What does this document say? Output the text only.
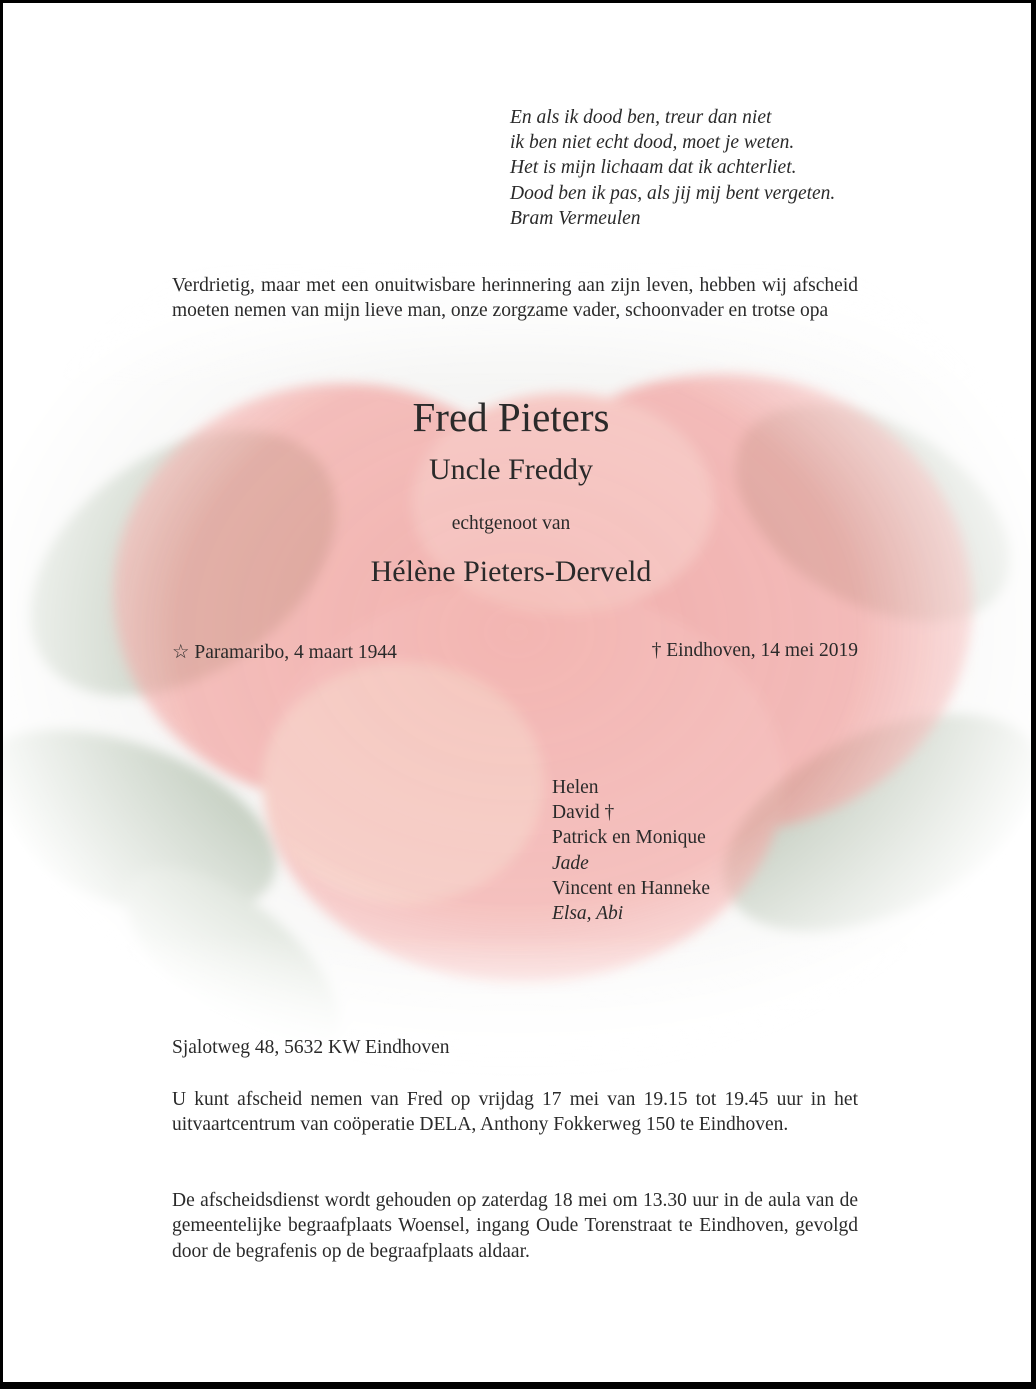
En als ik dood ben, treur dan niet
ik ben niet echt dood, moet je weten.
Het is mijn lichaam dat ik achterliet.
Dood ben ik pas, als jij mij bent vergeten.
Bram Vermeulen
Verdrietig, maar met een onuitwisbare herinnering aan zijn leven, hebben wij afscheid moeten nemen van mijn lieve man, onze zorgzame vader, schoonvader en trotse opa
Fred Pieters
Uncle Freddy
echtgenoot van
Hélène Pieters-Derveld
☆ Paramaribo, 4 maart 1944	† Eindhoven, 14 mei 2019
Helen
David †
Patrick en Monique
Jade
Vincent en Hanneke
Elsa, Abi
Sjalotweg 48, 5632 KW Eindhoven
U kunt afscheid nemen van Fred op vrijdag 17 mei van 19.15 tot 19.45 uur in het uitvaartcentrum van coöperatie DELA, Anthony Fokkerweg 150 te Eindhoven.
De afscheidsdienst wordt gehouden op zaterdag 18 mei om 13.30 uur in de aula van de gemeentelijke begraafplaats Woensel, ingang Oude Torenstraat te Eindhoven, gevolgd door de begrafenis op de begraafplaats aldaar.
